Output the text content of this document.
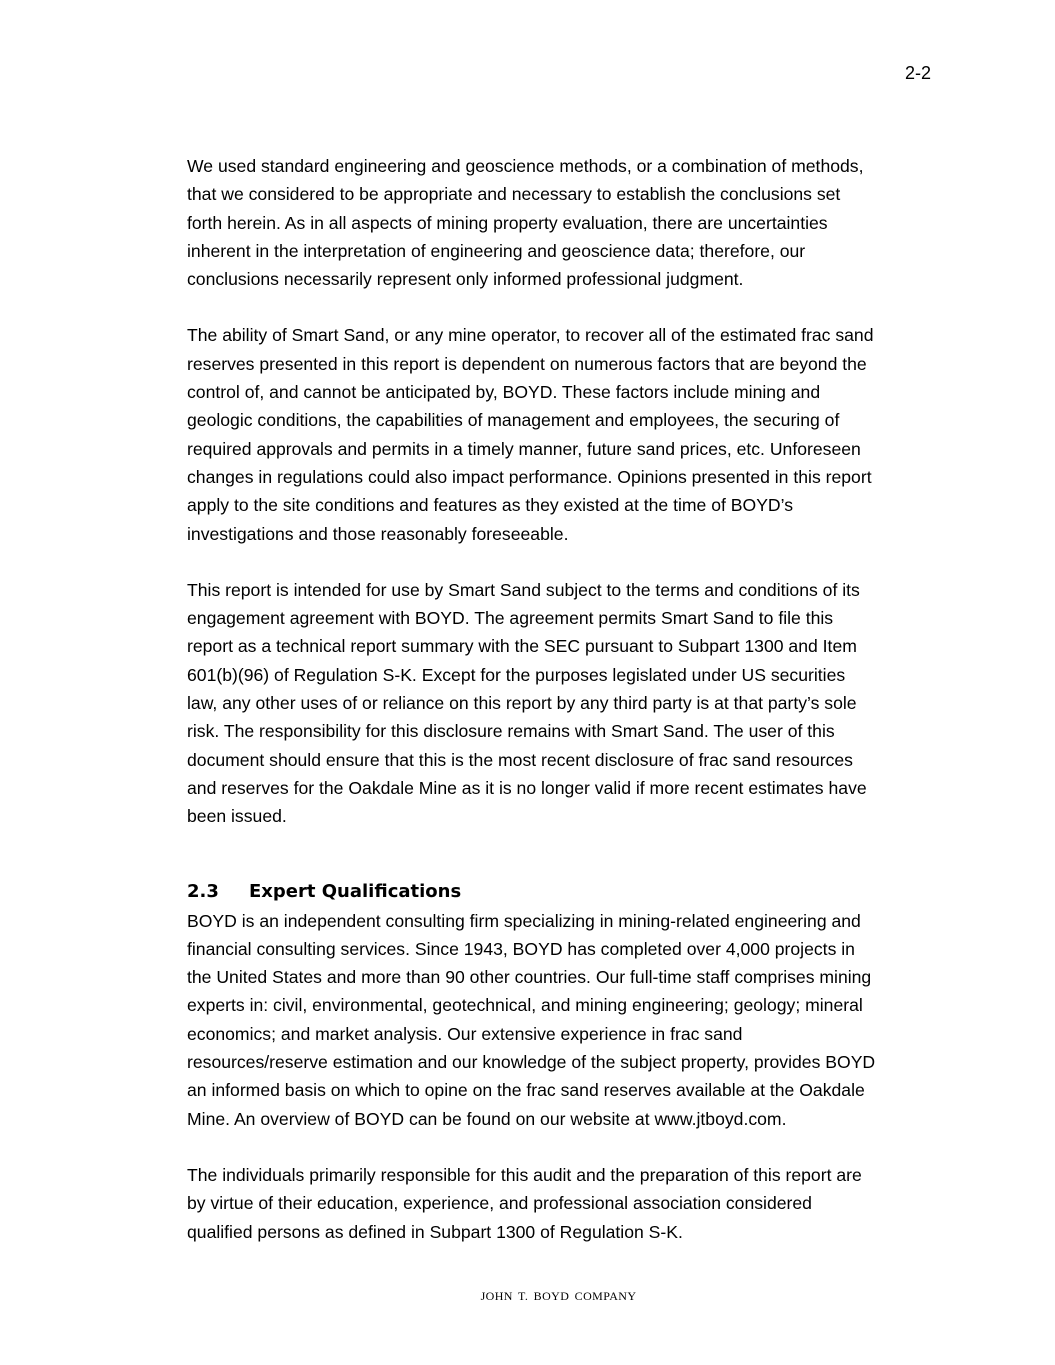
2-2

We used standard engineering and geoscience methods, or a combination of methods,
that we considered to be appropriate and necessary to establish the conclusions set
forth herein. As in all aspects of mining property evaluation, there are uncertainties
inherent in the interpretation of engineering and geoscience data; therefore, our
conclusions necessarily represent only informed professional judgment.

The ability of Smart Sand, or any mine operator, to recover all of the estimated frac sand
reserves presented in this report is dependent on numerous factors that are beyond the
control of, and cannot be anticipated by, BOYD. These factors include mining and
geologic conditions, the capabilities of management and employees, the securing of
required approvals and permits in a timely manner, future sand prices, etc. Unforeseen
changes in regulations could also impact performance. Opinions presented in this report
apply to the site conditions and features as they existed at the time of BOYD’s
investigations and those reasonably foreseeable.

This report is intended for use by Smart Sand subject to the terms and conditions of its
engagement agreement with BOYD. The agreement permits Smart Sand to file this
report as a technical report summary with the SEC pursuant to Subpart 1300 and Item
601(b)(96) of Regulation S-K. Except for the purposes legislated under US securities
law, any other uses of or reliance on this report by any third party is at that party’s sole
risk. The responsibility for this disclosure remains with Smart Sand. The user of this
document should ensure that this is the most recent disclosure of frac sand resources
and reserves for the Oakdale Mine as it is no longer valid if more recent estimates have
been issued.

2.3 Expert Qualifications

BOYD is an independent consulting firm specializing in mining-related engineering and
financial consulting services. Since 1943, BOYD has completed over 4,000 projects in
the United States and more than 90 other countries. Our full-time staff comprises mining
experts in: civil, environmental, geotechnical, and mining engineering; geology; mineral
economics; and market analysis. Our extensive experience in frac sand
resources/reserve estimation and our knowledge of the subject property, provides BOYD
an informed basis on which to opine on the frac sand reserves available at the Oakdale
Mine. An overview of BOYD can be found on our website at www.jtboyd.com.

The individuals primarily responsible for this audit and the preparation of this report are
by virtue of their education, experience, and professional association considered
qualified persons as defined in Subpart 1300 of Regulation S-K.

JOHN T. BOYD COMPANY
